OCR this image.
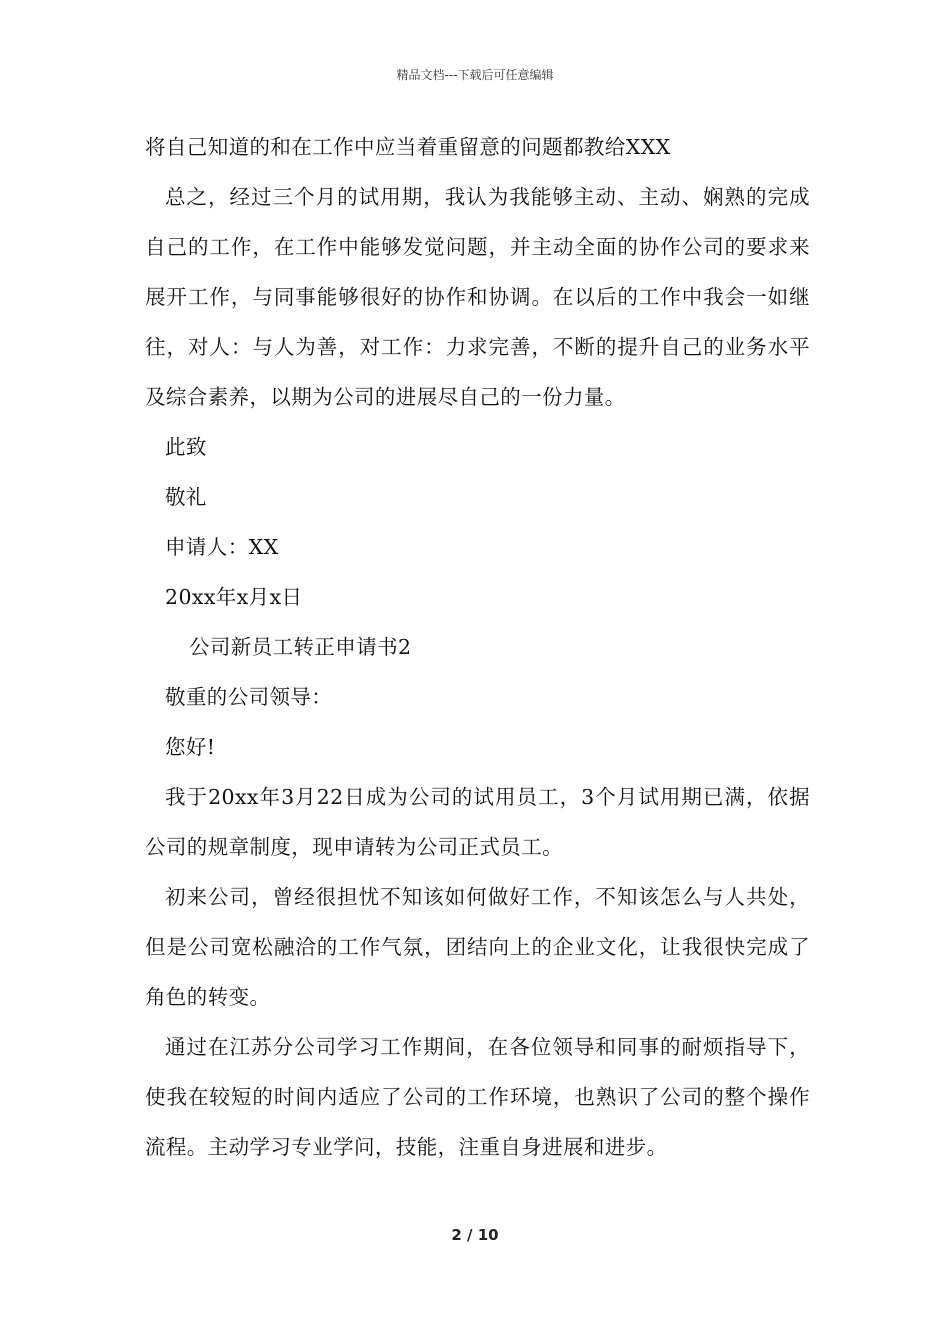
精品文档---下载后可任意编辑

将自己知道的和在工作中应当着重留意的问题都教给XXX

总之，经过三个月的试用期，我认为我能够主动、主动、娴熟的完成自己的工作，在工作中能够发觉问题，并主动全面的协作公司的要求来展开工作，与同事能够很好的协作和协调。在以后的工作中我会一如继往，对人：与人为善，对工作：力求完善，不断的提升自己的业务水平及综合素养，以期为公司的进展尽自己的一份力量。

此致

敬礼

申请人：XX

20xx年x月x日

公司新员工转正申请书2

敬重的公司领导：

您好!

我于20xx年3月22日成为公司的试用员工，3个月试用期已满，依据公司的规章制度，现申请转为公司正式员工。

初来公司，曾经很担忧不知该如何做好工作，不知该怎么与人共处，但是公司宽松融洽的工作气氛，团结向上的企业文化，让我很快完成了角色的转变。

通过在江苏分公司学习工作期间，在各位领导和同事的耐烦指导下，使我在较短的时间内适应了公司的工作环境，也熟识了公司的整个操作流程。主动学习专业学问，技能，注重自身进展和进步。

2 / 10
